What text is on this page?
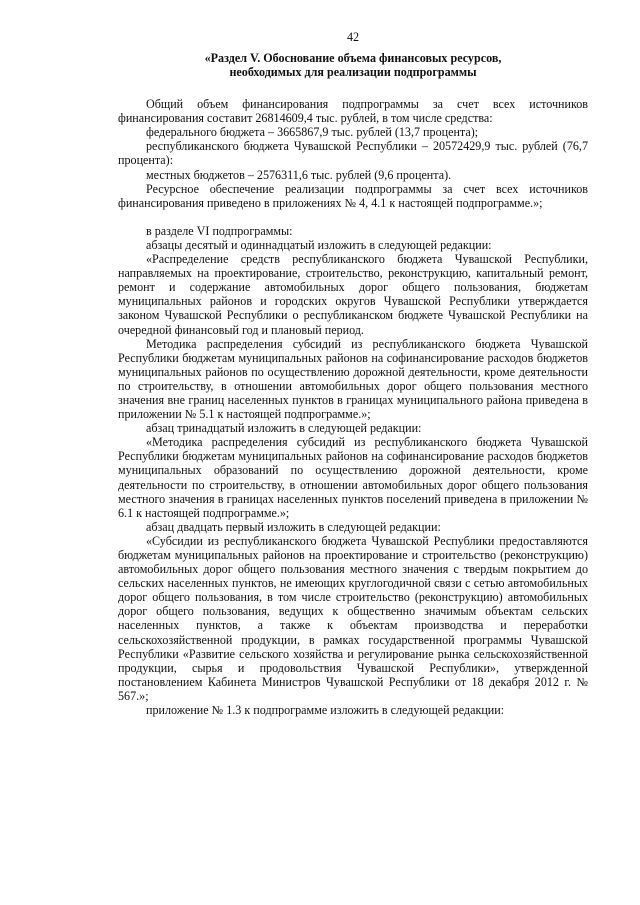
42
«Раздел V. Обоснование объема финансовых ресурсов,
необходимых для реализации подпрограммы

Общий объем финансирования подпрограммы за счет всех источников финансирования составит 26814609,4 тыс. рублей, в том числе средства:

федерального бюджета – 3665867,9 тыс. рублей (13,7 процента);

республиканского бюджета Чувашской Республики – 20572429,9 тыс. рублей (76,7 процента):

местных бюджетов – 2576311,6 тыс. рублей (9,6 процента).

Ресурсное обеспечение реализации подпрограммы за счет всех источников финансирования приведено в приложениях № 4, 4.1 к настоящей подпрограмме.»;

в разделе VI подпрограммы:

абзацы десятый и одиннадцатый изложить в следующей редакции:

«Распределение средств республиканского бюджета Чувашской Республики, направляемых на проектирование, строительство, реконструкцию, капитальный ремонт, ремонт и содержание автомобильных дорог общего пользования, бюджетам муниципальных районов и городских округов Чувашской Республики утверждается законом Чувашской Республики о республиканском бюджете Чувашской Республики на очередной финансовый год и плановый период.

Методика распределения субсидий из республиканского бюджета Чувашской Республики бюджетам муниципальных районов на софинансирование расходов бюджетов муниципальных районов по осуществлению дорожной деятельности, кроме деятельности по строительству, в отношении автомобильных дорог общего пользования местного значения вне границ населенных пунктов в границах муниципального района приведена в приложении № 5.1 к настоящей подпрограмме.»;

абзац тринадцатый изложить в следующей редакции:

«Методика распределения субсидий из республиканского бюджета Чувашской Республики бюджетам муниципальных районов на софинансирование расходов бюджетов муниципальных образований по осуществлению дорожной деятельности, кроме деятельности по строительству, в отношении автомобильных дорог общего пользования местного значения в границах населенных пунктов поселений приведена в приложении № 6.1 к настоящей подпрограмме.»;

абзац двадцать первый изложить в следующей редакции:

«Субсидии из республиканского бюджета Чувашской Республики предоставляются бюджетам муниципальных районов на проектирование и строительство (реконструкцию) автомобильных дорог общего пользования местного значения с твердым покрытием до сельских населенных пунктов, не имеющих круглогодичной связи с сетью автомобильных дорог общего пользования, в том числе строительство (реконструкцию) автомобильных дорог общего пользования, ведущих к общественно значимым объектам сельских населенных пунктов, а также к объектам производства и переработки сельскохозяйственной продукции, в рамках государственной программы Чувашской Республики «Развитие сельского хозяйства и регулирование рынка сельскохозяйственной продукции, сырья и продовольствия Чувашской Республики», утвержденной постановлением Кабинета Министров Чувашской Республики от 18 декабря 2012 г. № 567.»;

приложение № 1.3 к подпрограмме изложить в следующей редакции:
